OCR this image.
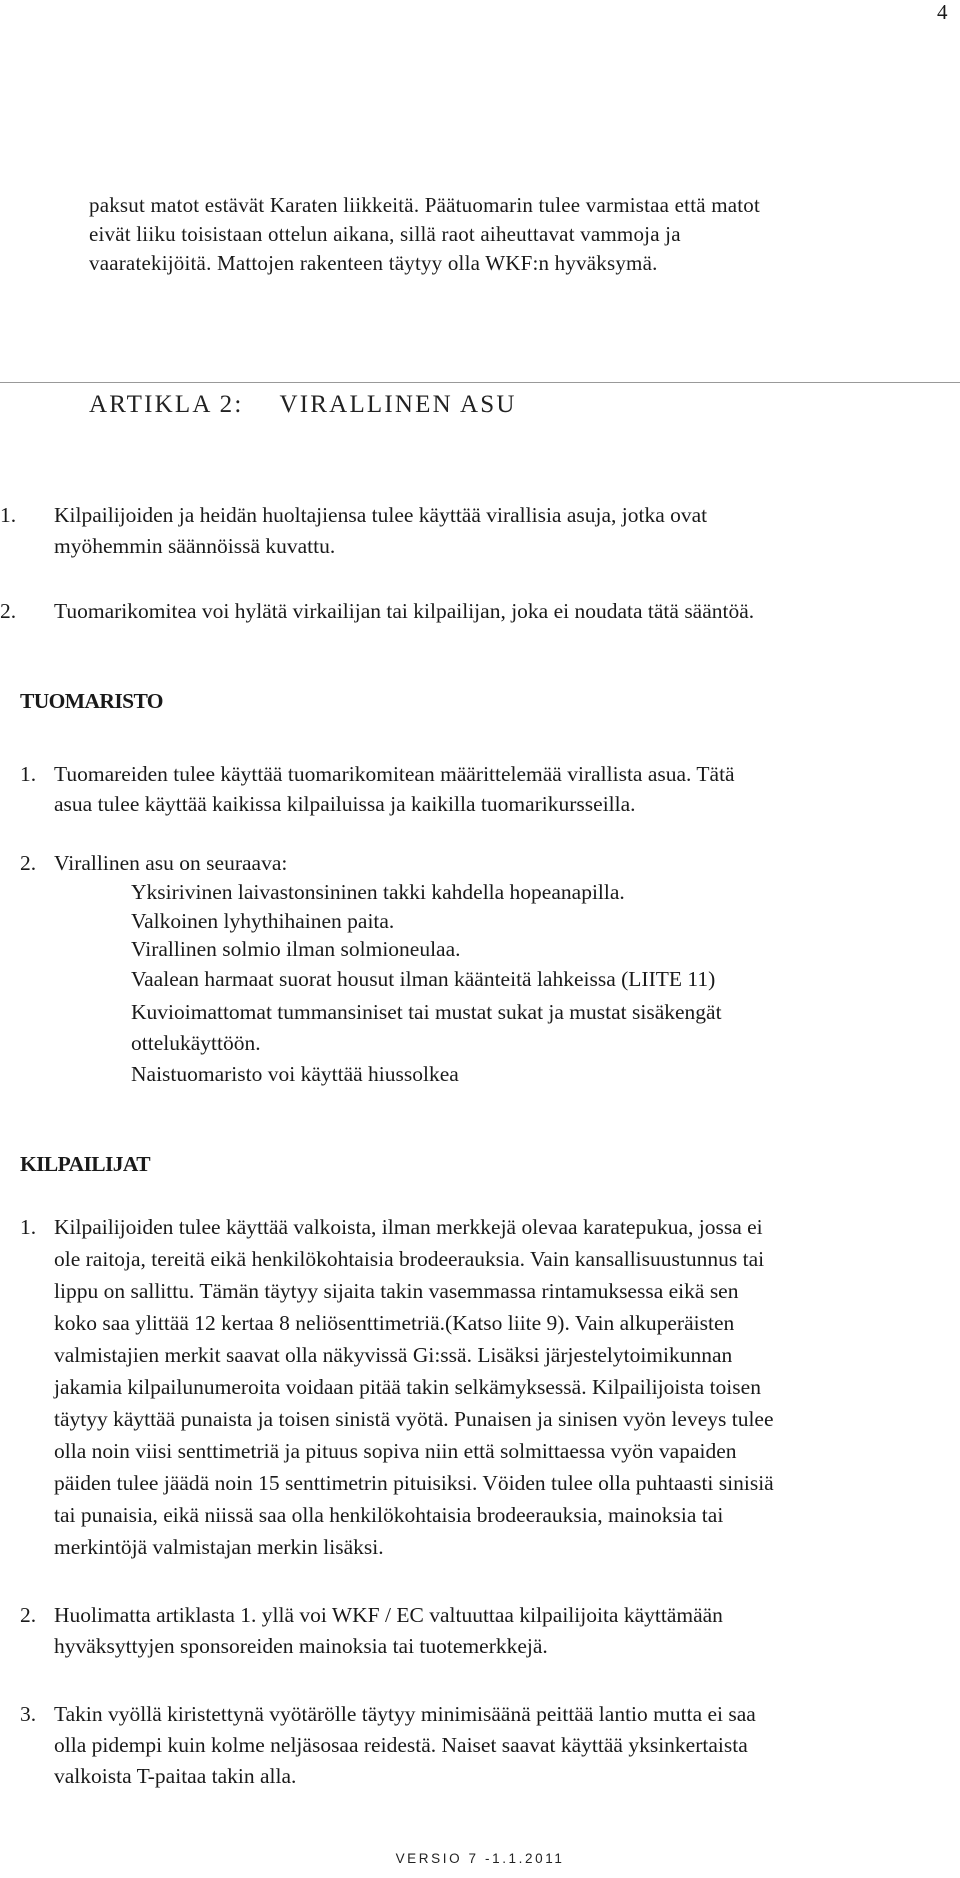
4
paksut matot estävät Karaten liikkeitä. Päätuomarin tulee varmistaa että matot
eivät liiku toisistaan ottelun aikana, sillä raot aiheuttavat vammoja ja
vaaratekijöitä. Mattojen rakenteen täytyy olla WKF:n hyväksymä.
ARTIKLA 2: VIRALLINEN ASU
1. Kilpailijoiden ja heidän huoltajiensa tulee käyttää virallisia asuja, jotka ovat
myöhemmin säännöissä kuvattu.
2. Tuomarikomitea voi hylätä virkailijan tai kilpailijan, joka ei noudata tätä sääntöä.
TUOMARISTO
1. Tuomareiden tulee käyttää tuomarikomitean määrittelemää virallista asua. Tätä
asua tulee käyttää kaikissa kilpailuissa ja kaikilla tuomarikursseilla.
2. Virallinen asu on seuraava:
Yksirivinen laivastonsininen takki kahdella hopeanapilla.
Valkoinen lyhythihainen paita.
Virallinen solmio ilman solmioneulaa.
Vaalean harmaat suorat housut ilman käänteitä lahkeissa (LIITE 11)
Kuvioimattomat tummansiniset tai mustat sukat ja mustat sisäkengät
ottelukäyttöön.
Naistuomaristo voi käyttää hiussolkea
KILPAILIJAT
1. Kilpailijoiden tulee käyttää valkoista, ilman merkkejä olevaa karatepukua, jossa ei
ole raitoja, tereitä eikä henkilökohtaisia brodeerauksia. Vain kansallisuustunnus tai
lippu on sallittu. Tämän täytyy sijaita takin vasemmassa rintamuksessa eikä sen
koko saa ylittää 12 kertaa 8 neliösenttimetriä.(Katso liite 9). Vain alkuperäisten
valmistajien merkit saavat olla näkyvissä Gi:ssä. Lisäksi järjestelytoimikunnan
jakamia kilpailunumeroita voidaan pitää takin selkämyksessä. Kilpailijoista toisen
täytyy käyttää punaista ja toisen sinistä vyötä. Punaisen ja sinisen vyön leveys tulee
olla noin viisi senttimetriä ja pituus sopiva niin että solmittaessa vyön vapaiden
päiden tulee jäädä noin 15 senttimetrin pituisiksi. Vöiden tulee olla puhtaasti sinisiä
tai punaisia, eikä niissä saa olla henkilökohtaisia brodeerauksia, mainoksia tai
merkintöjä valmistajan merkin lisäksi.
2. Huolimatta artiklasta 1. yllä voi WKF / EC valtuuttaa kilpailijoita käyttämään
hyväksyttyjen sponsoreiden mainoksia tai tuotemerkkejä.
3. Takin vyöllä kiristettynä vyötärölle täytyy minimisäänä peittää lantio mutta ei saa
olla pidempi kuin kolme neljäsosaa reidestä. Naiset saavat käyttää yksinkertaista
valkoista T-paitaa takin alla.
VERSIO 7 -1.1.2011
